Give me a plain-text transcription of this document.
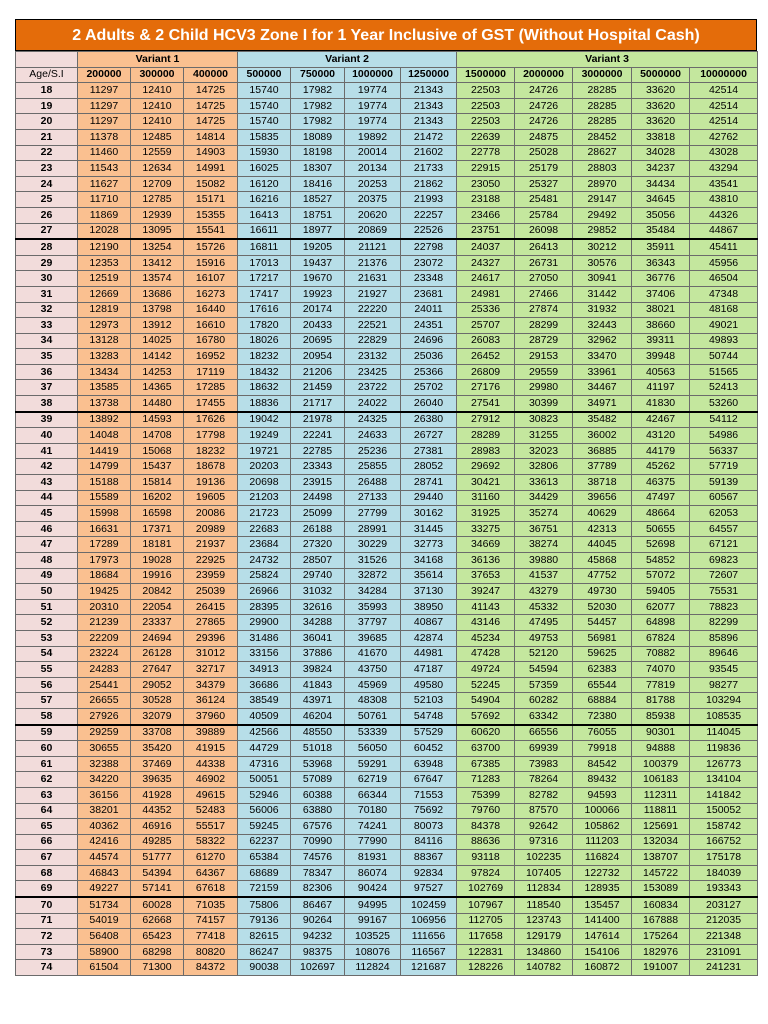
2 Adults & 2 Child HCV3 Zone I for 1 Year Inclusive of GST (Without Hospital Cash)
	Variant 1			Variant 2				Variant 3				
Age/S.I	200000	300000	400000	500000	750000	1000000	1250000	1500000	2000000	3000000	5000000	10000000
18	11297	12410	14725	15740	17982	19774	21343	22503	24726	28285	33620	42514
19	11297	12410	14725	15740	17982	19774	21343	22503	24726	28285	33620	42514
20	11297	12410	14725	15740	17982	19774	21343	22503	24726	28285	33620	42514
21	11378	12485	14814	15835	18089	19892	21472	22639	24875	28452	33818	42762
22	11460	12559	14903	15930	18198	20014	21602	22778	25028	28627	34028	43028
23	11543	12634	14991	16025	18307	20134	21733	22915	25179	28803	34237	43294
24	11627	12709	15082	16120	18416	20253	21862	23050	25327	28970	34434	43541
25	11710	12785	15171	16216	18527	20375	21993	23188	25481	29147	34645	43810
26	11869	12939	15355	16413	18751	20620	22257	23466	25784	29492	35056	44326
27	12028	13095	15541	16611	18977	20869	22526	23751	26098	29852	35484	44867
28	12190	13254	15726	16811	19205	21121	22798	24037	26413	30212	35911	45411
29	12353	13412	15916	17013	19437	21376	23072	24327	26731	30576	36343	45956
30	12519	13574	16107	17217	19670	21631	23348	24617	27050	30941	36776	46504
31	12669	13686	16273	17417	19923	21927	23681	24981	27466	31442	37406	47348
32	12819	13798	16440	17616	20174	22220	24011	25336	27874	31932	38021	48168
33	12973	13912	16610	17820	20433	22521	24351	25707	28299	32443	38660	49021
34	13128	14025	16780	18026	20695	22829	24696	26083	28729	32962	39311	49893
35	13283	14142	16952	18232	20954	23132	25036	26452	29153	33470	39948	50744
36	13434	14253	17119	18432	21206	23425	25366	26809	29559	33961	40563	51565
37	13585	14365	17285	18632	21459	23722	25702	27176	29980	34467	41197	52413
38	13738	14480	17455	18836	21717	24022	26040	27541	30399	34971	41830	53260
39	13892	14593	17626	19042	21978	24325	26380	27912	30823	35482	42467	54112
40	14048	14708	17798	19249	22241	24633	26727	28289	31255	36002	43120	54986
41	14419	15068	18232	19721	22785	25236	27381	28983	32023	36885	44179	56337
42	14799	15437	18678	20203	23343	25855	28052	29692	32806	37789	45262	57719
43	15188	15814	19136	20698	23915	26488	28741	30421	33613	38718	46375	59139
44	15589	16202	19605	21203	24498	27133	29440	31160	34429	39656	47497	60567
45	15998	16598	20086	21723	25099	27799	30162	31925	35274	40629	48664	62053
46	16631	17371	20989	22683	26188	28991	31445	33275	36751	42313	50655	64557
47	17289	18181	21937	23684	27320	30229	32773	34669	38274	44045	52698	67121
48	17973	19028	22925	24732	28507	31526	34168	36136	39880	45868	54852	69823
49	18684	19916	23959	25824	29740	32872	35614	37653	41537	47752	57072	72607
50	19425	20842	25039	26966	31032	34284	37130	39247	43279	49730	59405	75531
51	20310	22054	26415	28395	32616	35993	38950	41143	45332	52030	62077	78823
52	21239	23337	27865	29900	34288	37797	40867	43146	47495	54457	64898	82299
53	22209	24694	29396	31486	36041	39685	42874	45234	49753	56981	67824	85896
54	23224	26128	31012	33156	37886	41670	44981	47428	52120	59625	70882	89646
55	24283	27647	32717	34913	39824	43750	47187	49724	54594	62383	74070	93545
56	25441	29052	34379	36686	41843	45969	49580	52245	57359	65544	77819	98277
57	26655	30528	36124	38549	43971	48308	52103	54904	60282	68884	81788	103294
58	27926	32079	37960	40509	46204	50761	54748	57692	63342	72380	85938	108535
59	29259	33708	39889	42566	48550	53339	57529	60620	66556	76055	90301	114045
60	30655	35420	41915	44729	51018	56050	60452	63700	69939	79918	94888	119836
61	32388	37469	44338	47316	53968	59291	63948	67385	73983	84542	100379	126773
62	34220	39635	46902	50051	57089	62719	67647	71283	78264	89432	106183	134104
63	36156	41928	49615	52946	60388	66344	71553	75399	82782	94593	112311	141842
64	38201	44352	52483	56006	63880	70180	75692	79760	87570	100066	118811	150052
65	40362	46916	55517	59245	67576	74241	80073	84378	92642	105862	125691	158742
66	42416	49285	58322	62237	70990	77990	84116	88636	97316	111203	132034	166752
67	44574	51777	61270	65384	74576	81931	88367	93118	102235	116824	138707	175178
68	46843	54394	64367	68689	78347	86074	92834	97824	107405	122732	145722	184039
69	49227	57141	67618	72159	82306	90424	97527	102769	112834	128935	153089	193343
70	51734	60028	71035	75806	86467	94995	102459	107967	118540	135457	160834	203127
71	54019	62668	74157	79136	90264	99167	106956	112705	123743	141400	167888	212035
72	56408	65423	77418	82615	94232	103525	111656	117658	129179	147614	175264	221348
73	58900	68298	80820	86247	98375	108076	116567	122831	134860	154106	182976	231091
74	61504	71300	84372	90038	102697	112824	121687	128226	140782	160872	191007	241231
